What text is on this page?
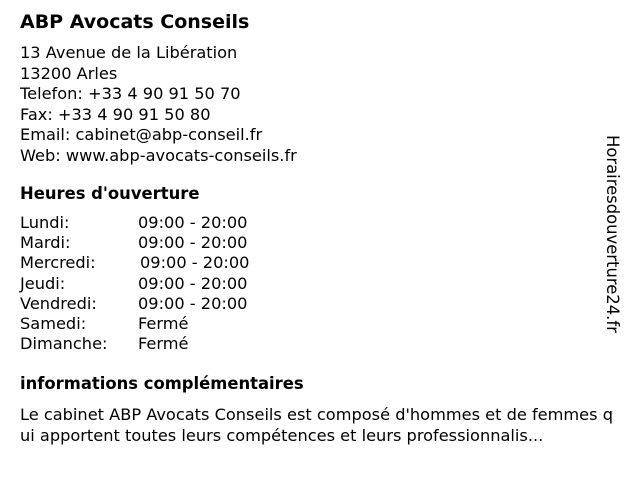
ABP Avocats Conseils
13 Avenue de la Libération
13200 Arles
Telefon: +33 4 90 91 50 70
Fax: +33 4 90 91 50 80
Email: cabinet@abp-conseil.fr
Web: www.abp-avocats-conseils.fr
Heures d'ouverture
Lundi:	09:00 - 20:00
Mardi:	09:00 - 20:00
Mercredi:	09:00 - 20:00
Jeudi:	09:00 - 20:00
Vendredi:	09:00 - 20:00
Samedi:	Fermé
Dimanche: Fermé
informations complémentaires
Le cabinet ABP Avocats Conseils est composé d'hommes et de femmes qui apportent toutes leurs compétences et leurs professionnalis...
Horairesdouverture24.fr
